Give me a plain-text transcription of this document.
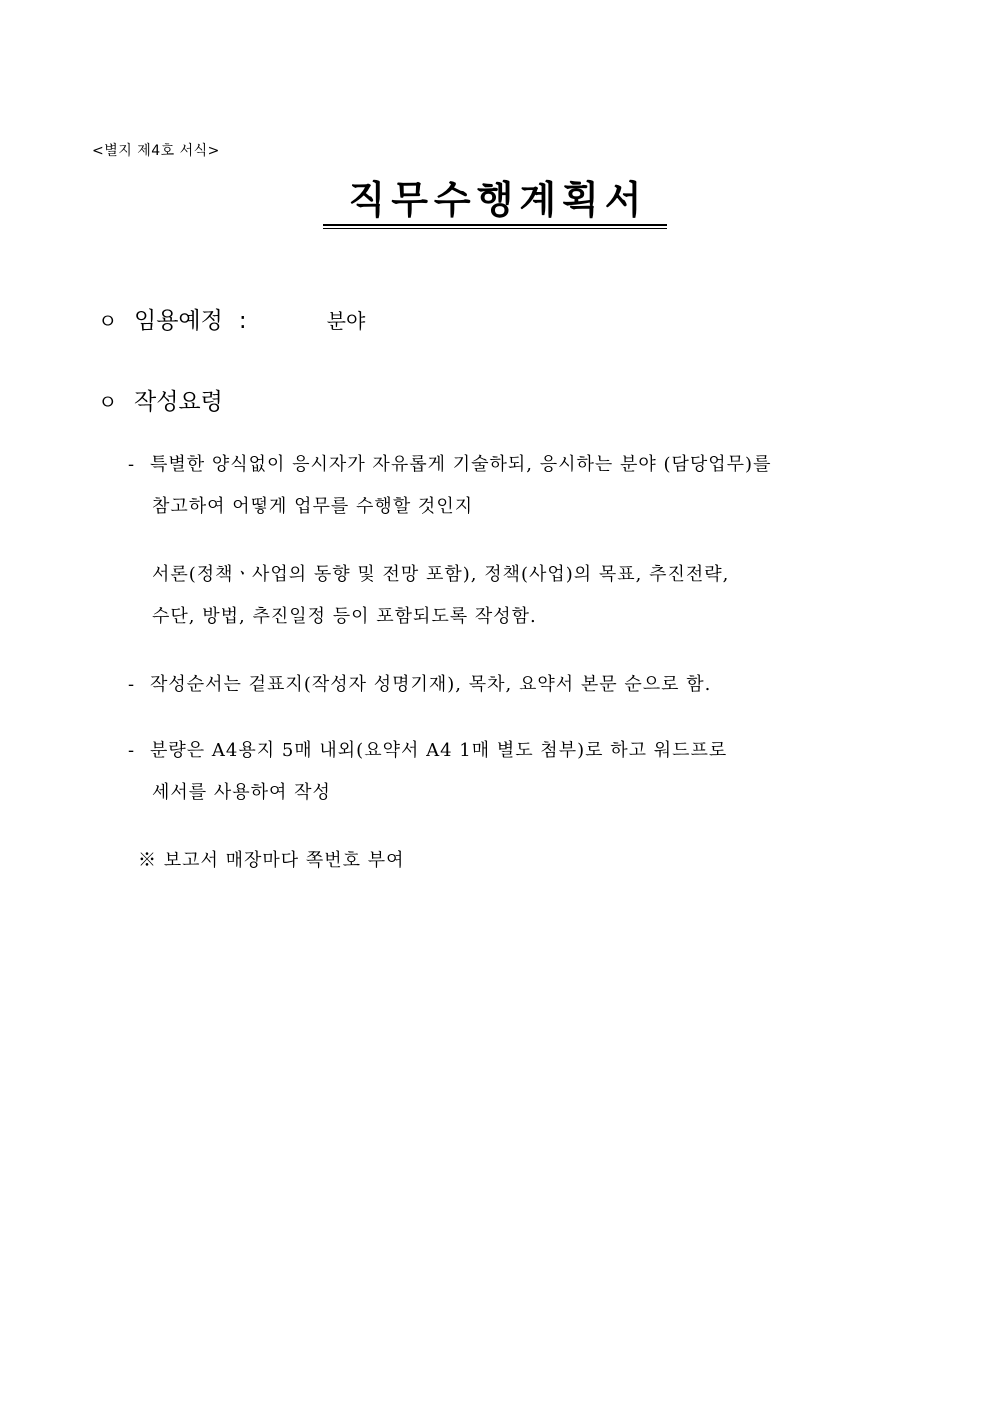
<별지 제4호 서식>
직무수행계획서
ㅇ 임용예정 :	분야
ㅇ 작성요령
- 특별한 양식없이 응시자가 자유롭게 기술하되, 응시하는 분야 (담당업무)를
참고하여 어떻게 업무를 수행할 것인지
서론(정책ㆍ사업의 동향 및 전망 포함), 정책(사업)의 목표, 추진전략,
수단, 방법, 추진일정 등이 포함되도록 작성함.
- 작성순서는 겉표지(작성자 성명기재), 목차, 요약서 본문 순으로 함.
- 분량은 A4용지 5매 내외(요약서 A4 1매 별도 첨부)로 하고 워드프로
세서를 사용하여 작성
※ 보고서 매장마다 쪽번호 부여
